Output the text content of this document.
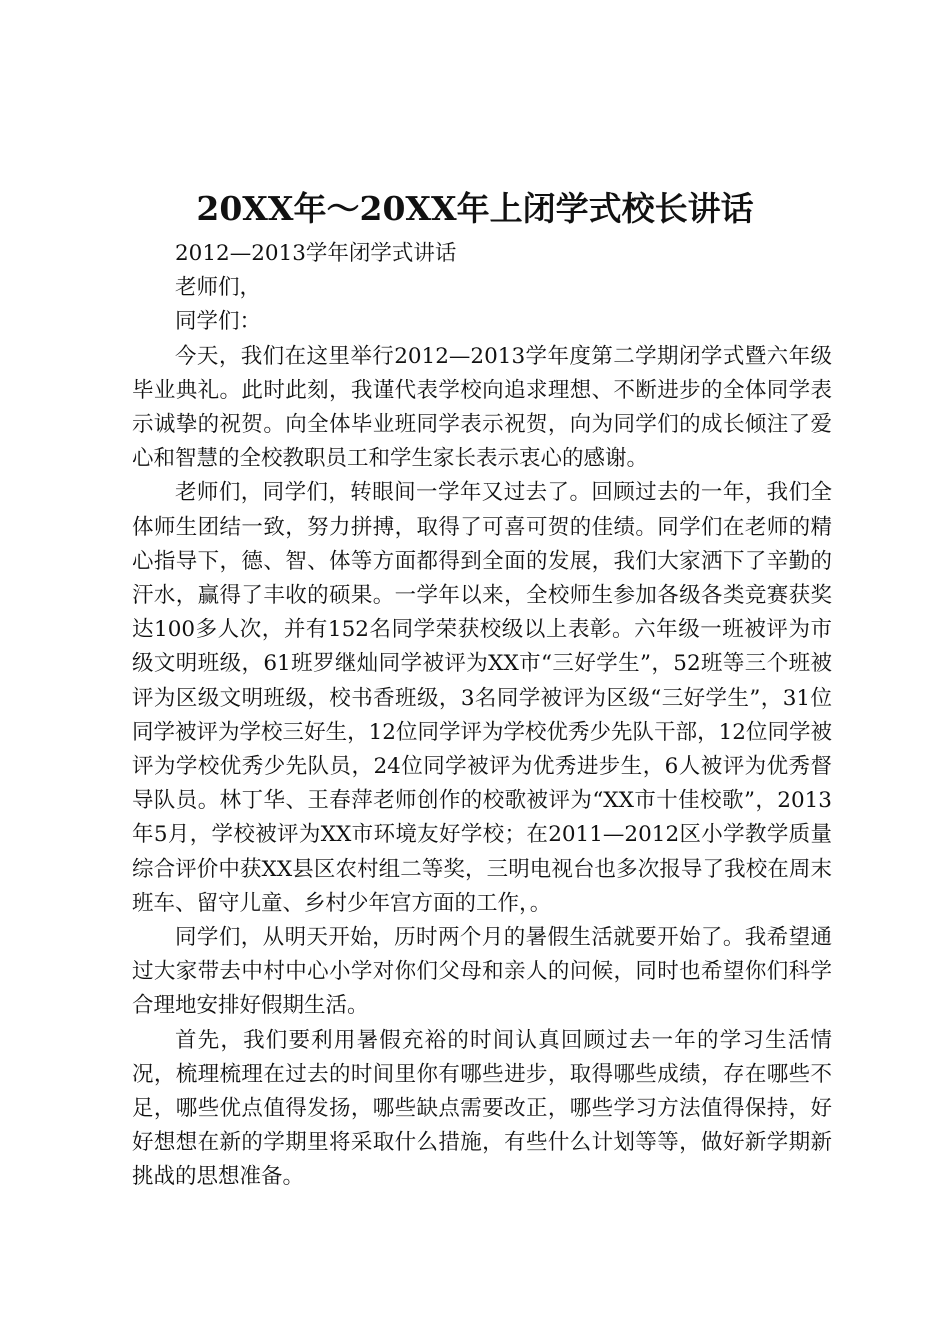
20XX年～20XX年上闭学式校长讲话

2012—2013学年闭学式讲话

老师们，

同学们：

今天，我们在这里举行2012—2013学年度第二学期闭学式暨六年级毕业典礼。此时此刻，我谨代表学校向追求理想、不断进步的全体同学表示诚挚的祝贺。向全体毕业班同学表示祝贺，向为同学们的成长倾注了爱心和智慧的全校教职员工和学生家长表示衷心的感谢。

老师们，同学们，转眼间一学年又过去了。回顾过去的一年，我们全体师生团结一致，努力拼搏，取得了可喜可贺的佳绩。同学们在老师的精心指导下，德、智、体等方面都得到全面的发展，我们大家洒下了辛勤的汗水，赢得了丰收的硕果。一学年以来，全校师生参加各级各类竞赛获奖达100多人次，并有152名同学荣获校级以上表彰。六年级一班被评为市级文明班级，61班罗继灿同学被评为XX市“三好学生”，52班等三个班被评为区级文明班级，校书香班级，3名同学被评为区级“三好学生”，31位同学被评为学校三好生，12位同学评为学校优秀少先队干部，12位同学被评为学校优秀少先队员，24位同学被评为优秀进步生，6人被评为优秀督导队员。林丁华、王春萍老师创作的校歌被评为“XX市十佳校歌”，2013年5月，学校被评为XX市环境友好学校；在2011—2012区小学教学质量综合评价中获XX县区农村组二等奖，三明电视台也多次报导了我校在周末班车、留守儿童、乡村少年宫方面的工作，。

同学们，从明天开始，历时两个月的暑假生活就要开始了。我希望通过大家带去中村中心小学对你们父母和亲人的问候，同时也希望你们科学合理地安排好假期生活。

首先，我们要利用暑假充裕的时间认真回顾过去一年的学习生活情况，梳理梳理在过去的时间里你有哪些进步，取得哪些成绩，存在哪些不足，哪些优点值得发扬，哪些缺点需要改正，哪些学习方法值得保持，好好想想在新的学期里将采取什么措施，有些什么计划等等，做好新学期新挑战的思想准备。
